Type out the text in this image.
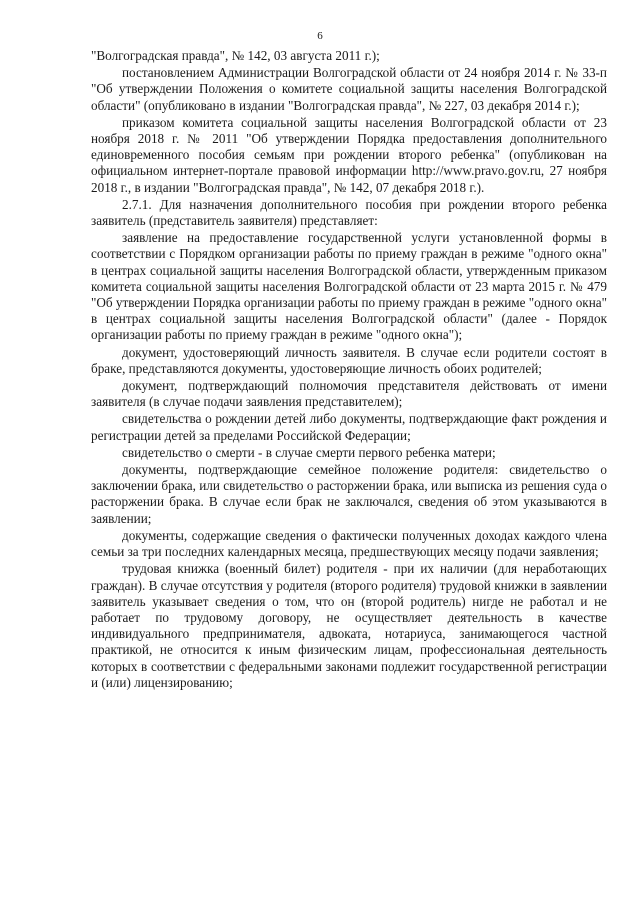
6

"Волгоградская правда", № 142, 03 августа 2011 г.);

постановлением Администрации Волгоградской области от 24 ноября 2014 г. № 33-п "Об утверждении Положения о комитете социальной защиты населения Волгоградской области" (опубликовано в издании "Волгоградская правда", № 227, 03 декабря 2014 г.);

приказом комитета социальной защиты населения Волгоградской области от 23 ноября 2018 г. № 2011 "Об утверждении Порядка предоставления дополнительного единовременного пособия семьям при рождении второго ребенка" (опубликован на официальном интернет-портале правовой информации http://www.pravo.gov.ru, 27 ноября 2018 г., в издании "Волгоградская правда", № 142, 07 декабря 2018 г.).

2.7.1. Для назначения дополнительного пособия при рождении второго ребенка заявитель (представитель заявителя) представляет:

заявление на предоставление государственной услуги установленной формы в соответствии с Порядком организации работы по приему граждан в режиме "одного окна" в центрах социальной защиты населения Волгоградской области, утвержденным приказом комитета социальной защиты населения Волгоградской области от 23 марта 2015 г. № 479 "Об утверждении Порядка организации работы по приему граждан в режиме "одного окна" в центрах социальной защиты населения Волгоградской области" (далее - Порядок организации работы по приему граждан в режиме "одного окна");

документ, удостоверяющий личность заявителя. В случае если родители состоят в браке, представляются документы, удостоверяющие личность обоих родителей;

документ, подтверждающий полномочия представителя действовать от имени заявителя (в случае подачи заявления представителем);

свидетельства о рождении детей либо документы, подтверждающие факт рождения и регистрации детей за пределами Российской Федерации;

свидетельство о смерти - в случае смерти первого ребенка матери;

документы, подтверждающие семейное положение родителя: свидетельство о заключении брака, или свидетельство о расторжении брака, или выписка из решения суда о расторжении брака. В случае если брак не заключался, сведения об этом указываются в заявлении;

документы, содержащие сведения о фактически полученных доходах каждого члена семьи за три последних календарных месяца, предшествующих месяцу подачи заявления;

трудовая книжка (военный билет) родителя - при их наличии (для неработающих граждан). В случае отсутствия у родителя (второго родителя) трудовой книжки в заявлении заявитель указывает сведения о том, что он (второй родитель) нигде не работал и не работает по трудовому договору, не осуществляет деятельность в качестве индивидуального предпринимателя, адвоката, нотариуса, занимающегося частной практикой, не относится к иным физическим лицам, профессиональная деятельность которых в соответствии с федеральными законами подлежит государственной регистрации и (или) лицензированию;
